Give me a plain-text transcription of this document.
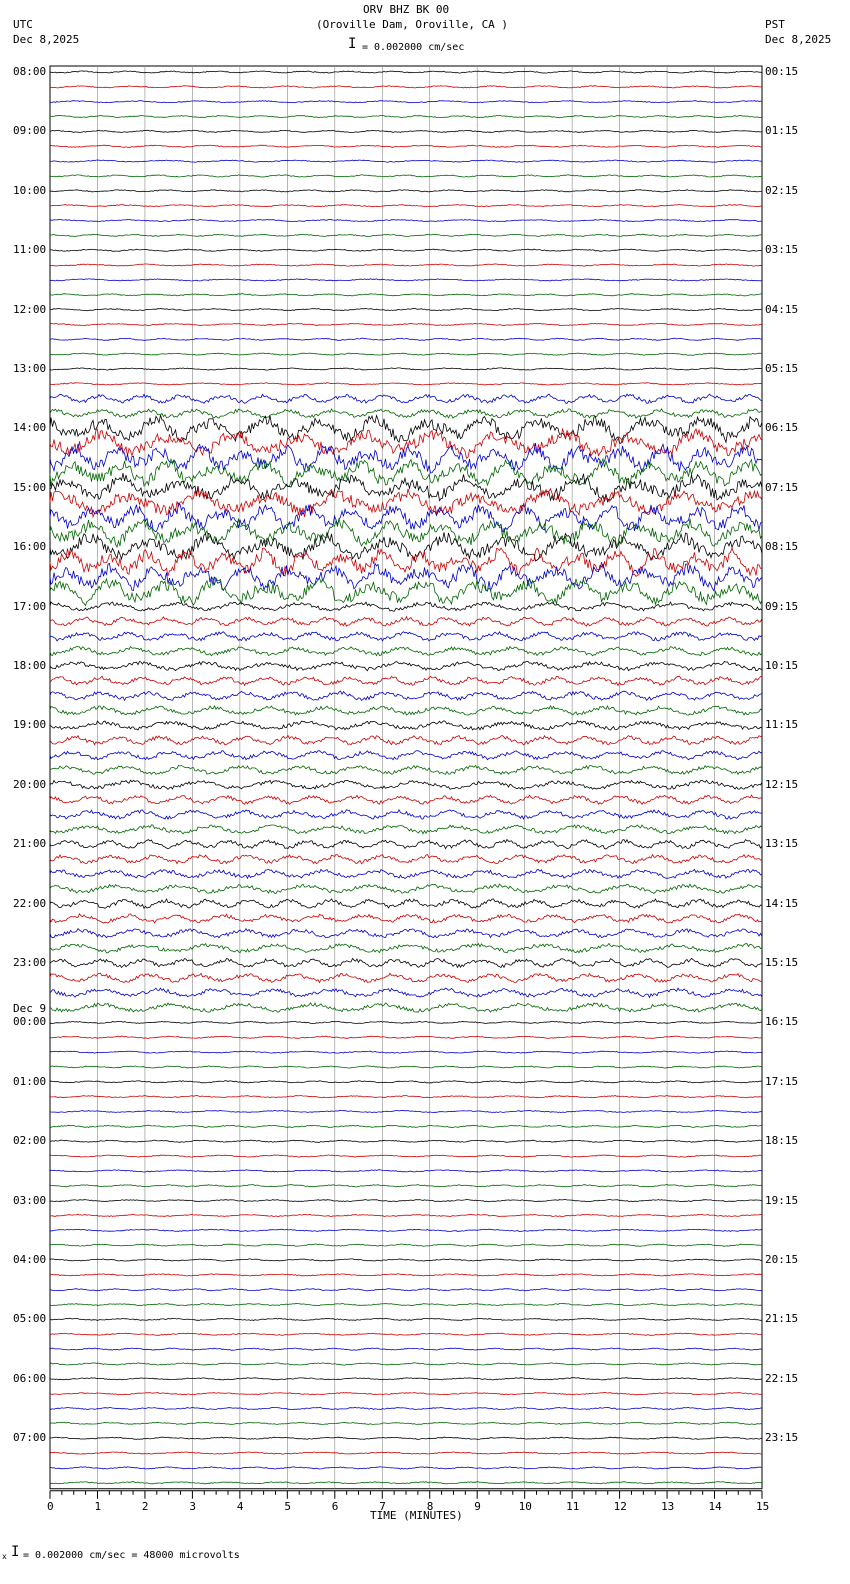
ORV BHZ BK 00
(Oroville Dam, Oroville, CA )
I = 0.002000 cm/sec
UTC
Dec 8,2025
PST
Dec 8,2025
08:00
09:00
10:00
11:00
12:00
13:00
14:00
15:00
16:00
17:00
18:00
19:00
20:00
21:00
22:00
23:00
00:00
01:00
02:00
03:00
04:00
05:00
06:00
07:00
00:15
01:15
02:15
03:15
04:15
05:15
06:15
07:15
08:15
09:15
10:15
11:15
12:15
13:15
14:15
15:15
16:15
17:15
18:15
19:15
20:15
21:15
22:15
23:15
Dec 9
TIME (MINUTES)
0	1	2	3	4	5	6	7	8	9	10	11	12	13	14	15
x I = 0.002000 cm/sec = 48000 microvolts
